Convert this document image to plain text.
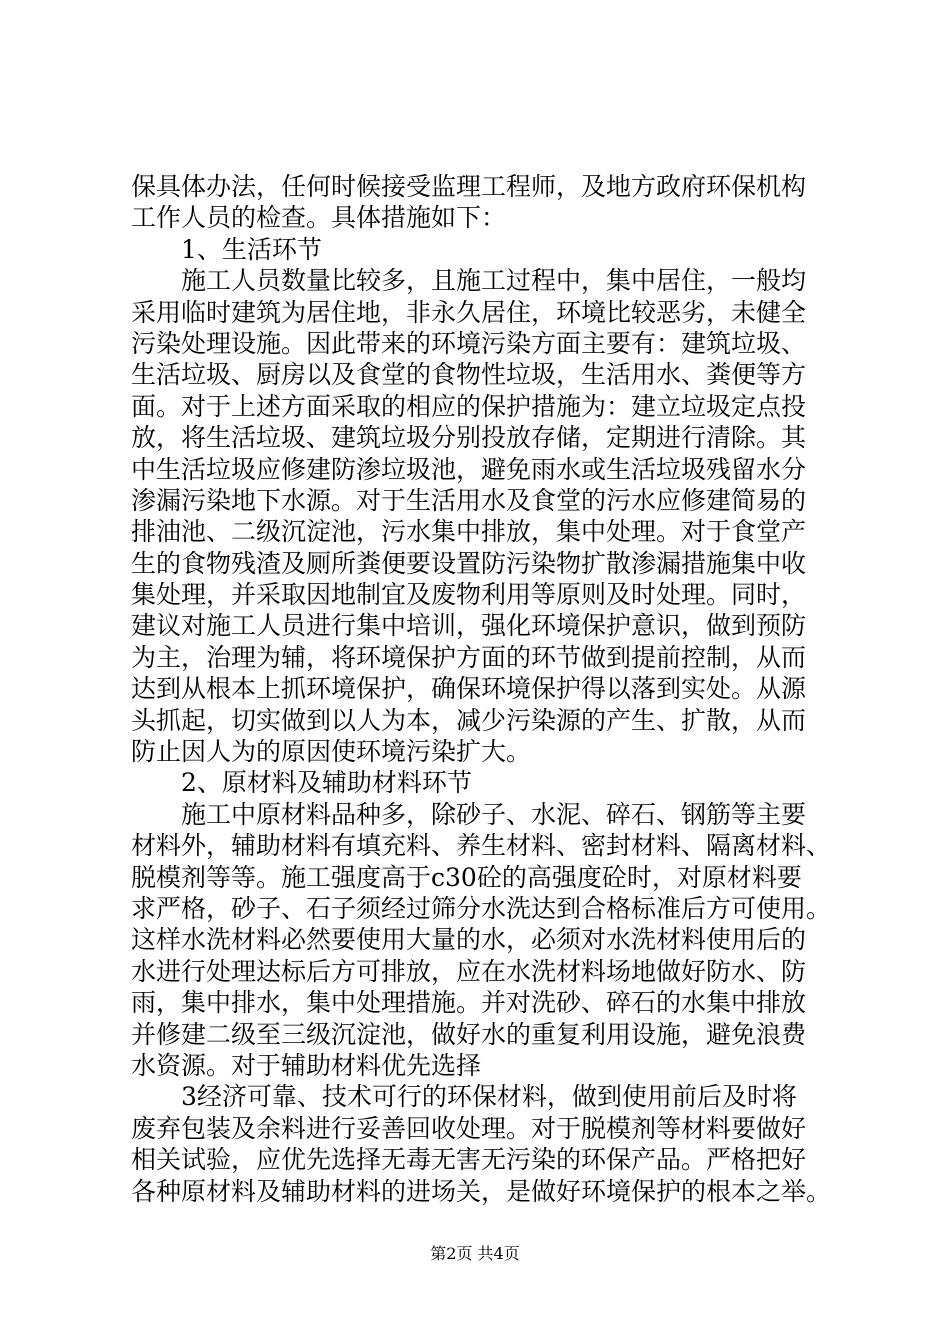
保具体办法，任何时候接受监理工程师，及地方政府环保机构
工作人员的检查。具体措施如下：
1、生活环节
施工人员数量比较多，且施工过程中，集中居住，一般均
采用临时建筑为居住地，非永久居住，环境比较恶劣，未健全
污染处理设施。因此带来的环境污染方面主要有：建筑垃圾、
生活垃圾、厨房以及食堂的食物性垃圾，生活用水、粪便等方
面。对于上述方面采取的相应的保护措施为：建立垃圾定点投
放，将生活垃圾、建筑垃圾分别投放存储，定期进行清除。其
中生活垃圾应修建防渗垃圾池，避免雨水或生活垃圾残留水分
渗漏污染地下水源。对于生活用水及食堂的污水应修建简易的
排油池、二级沉淀池，污水集中排放，集中处理。对于食堂产
生的食物残渣及厕所粪便要设置防污染物扩散渗漏措施集中收
集处理，并采取因地制宜及废物利用等原则及时处理。同时，
建议对施工人员进行集中培训，强化环境保护意识，做到预防
为主，治理为辅，将环境保护方面的环节做到提前控制，从而
达到从根本上抓环境保护，确保环境保护得以落到实处。从源
头抓起，切实做到以人为本，减少污染源的产生、扩散，从而
防止因人为的原因使环境污染扩大。
2、原材料及辅助材料环节
施工中原材料品种多，除砂子、水泥、碎石、钢筋等主要
材料外，辅助材料有填充料、养生材料、密封材料、隔离材料、
脱模剂等等。施工强度高于c30砼的高强度砼时，对原材料要
求严格，砂子、石子须经过筛分水洗达到合格标准后方可使用。
这样水洗材料必然要使用大量的水，必须对水洗材料使用后的
水进行处理达标后方可排放，应在水洗材料场地做好防水、防
雨，集中排水，集中处理措施。并对洗砂、碎石的水集中排放
并修建二级至三级沉淀池，做好水的重复利用设施，避免浪费
水资源。对于辅助材料优先选择
3经济可靠、技术可行的环保材料，做到使用前后及时将
废弃包装及余料进行妥善回收处理。对于脱模剂等材料要做好
相关试验，应优先选择无毒无害无污染的环保产品。严格把好
各种原材料及辅助材料的进场关，是做好环境保护的根本之举。
第2页 共4页
